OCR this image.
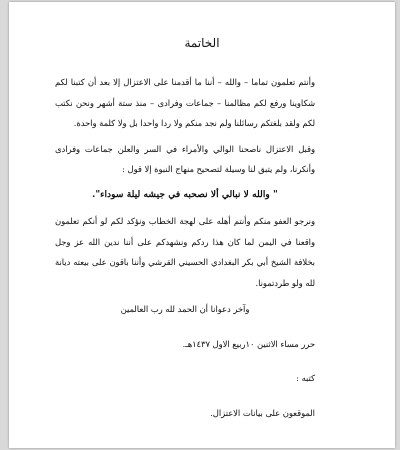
الخاتمة

وأنتم تعلمون تماما – والله – أننا ما أقدمنا على الاعتزال إلا بعد أن كتبنا لكم شكاوينا ورفع لكم مظالمنا – جماعات وفرادى – منذ ستة أشهر ونحن نكتب لكم ولقد بلغتكم رسائلنا ولم نجد منكم ولا ردا واحدا بل ولا كلمة واحدة.

وقبل الاعتزال ناصحنا الوالي والأمراء في السر والعلن جماعات وفرادى وأنكرنا، ولم يتبق لنا وسيلة لتصحيح منهاج النبوة إلا قول :

" والله لا نبالي ألا نصحبه في جيشه ليلة سوداء".

ونرجو العفو منكم وأنتم أهله على لهجة الخطاب ونؤكد لكم لو أنكم تعلمون واقعنا في اليمن لما كان هذا ردكم ونشهدكم على أننا ندين الله عز وجل بخلافة الشيخ أبي بكر البغدادي الحسيني القرشي وأننا باقون على بيعته ديانة لله ولو طردتمونا.

وآخر دعوانا أن الحمد لله رب العالمين
حرر مساء الاثنين ١٠ربيع الاول ١٤٣٧هـ.
كتبه :
الموقعون على بيانات الاعتزال.
